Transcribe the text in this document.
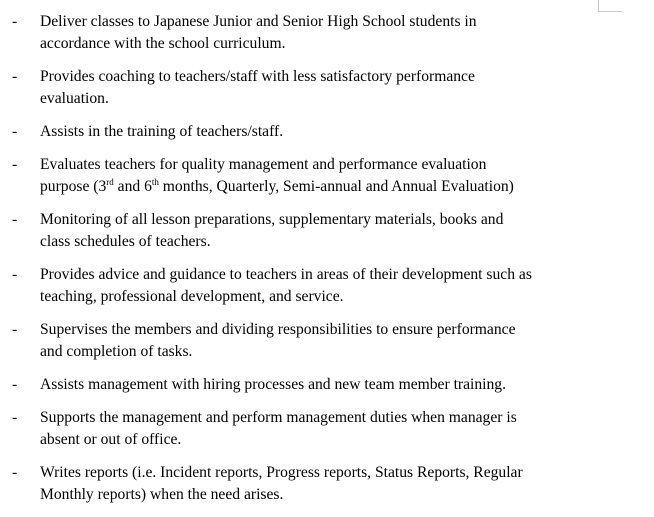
-	Deliver classes to Japanese Junior and Senior High School students in
accordance with the school curriculum.
-	Provides coaching to teachers/staff with less satisfactory performance
evaluation.
-	Assists in the training of teachers/staff.
-	Evaluates teachers for quality management and performance evaluation
purpose (3rd and 6th months, Quarterly, Semi-annual and Annual Evaluation)
-	Monitoring of all lesson preparations, supplementary materials, books and
class schedules of teachers.
-	Provides advice and guidance to teachers in areas of their development such as
teaching, professional development, and service.
-	Supervises the members and dividing responsibilities to ensure performance
and completion of tasks.
-	Assists management with hiring processes and new team member training.
-	Supports the management and perform management duties when manager is
absent or out of office.
-	Writes reports (i.e. Incident reports, Progress reports, Status Reports, Regular
Monthly reports) when the need arises.
